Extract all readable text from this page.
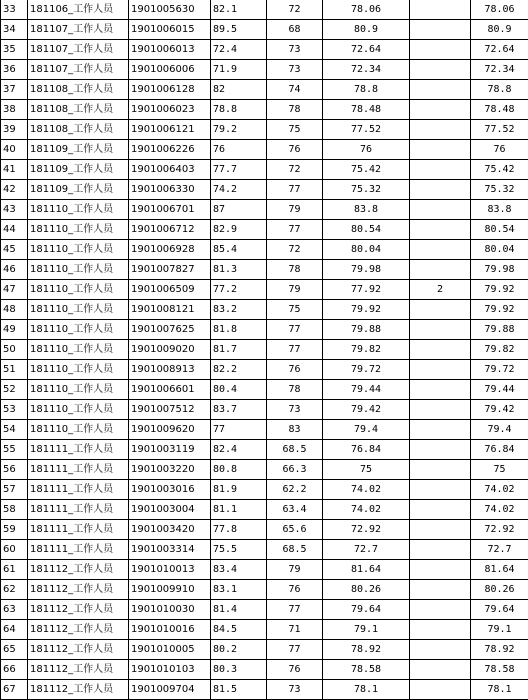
33	181106_工作人员	1901005630	82.1	72	78.06		78.06
34	181107_工作人员	1901006015	89.5	68	80.9		80.9
35	181107_工作人员	1901006013	72.4	73	72.64		72.64
36	181107_工作人员	1901006006	71.9	73	72.34		72.34
37	181108_工作人员	1901006128	82	74	78.8		78.8
38	181108_工作人员	1901006023	78.8	78	78.48		78.48
39	181108_工作人员	1901006121	79.2	75	77.52		77.52
40	181109_工作人员	1901006226	76	76	76		76
41	181109_工作人员	1901006403	77.7	72	75.42		75.42
42	181109_工作人员	1901006330	74.2	77	75.32		75.32
43	181110_工作人员	1901006701	87	79	83.8		83.8
44	181110_工作人员	1901006712	82.9	77	80.54		80.54
45	181110_工作人员	1901006928	85.4	72	80.04		80.04
46	181110_工作人员	1901007827	81.3	78	79.98		79.98
47	181110_工作人员	1901006509	77.2	79	77.92	2	79.92
48	181110_工作人员	1901008121	83.2	75	79.92		79.92
49	181110_工作人员	1901007625	81.8	77	79.88		79.88
50	181110_工作人员	1901009020	81.7	77	79.82		79.82
51	181110_工作人员	1901008913	82.2	76	79.72		79.72
52	181110_工作人员	1901006601	80.4	78	79.44		79.44
53	181110_工作人员	1901007512	83.7	73	79.42		79.42
54	181110_工作人员	1901009620	77	83	79.4		79.4
55	181111_工作人员	1901003119	82.4	68.5	76.84		76.84
56	181111_工作人员	1901003220	80.8	66.3	75		75
57	181111_工作人员	1901003016	81.9	62.2	74.02		74.02
58	181111_工作人员	1901003004	81.1	63.4	74.02		74.02
59	181111_工作人员	1901003420	77.8	65.6	72.92		72.92
60	181111_工作人员	1901003314	75.5	68.5	72.7		72.7
61	181112_工作人员	1901010013	83.4	79	81.64		81.64
62	181112_工作人员	1901009910	83.1	76	80.26		80.26
63	181112_工作人员	1901010030	81.4	77	79.64		79.64
64	181112_工作人员	1901010016	84.5	71	79.1		79.1
65	181112_工作人员	1901010005	80.2	77	78.92		78.92
66	181112_工作人员	1901010103	80.3	76	78.58		78.58
67	181112_工作人员	1901009704	81.5	73	78.1		78.1
